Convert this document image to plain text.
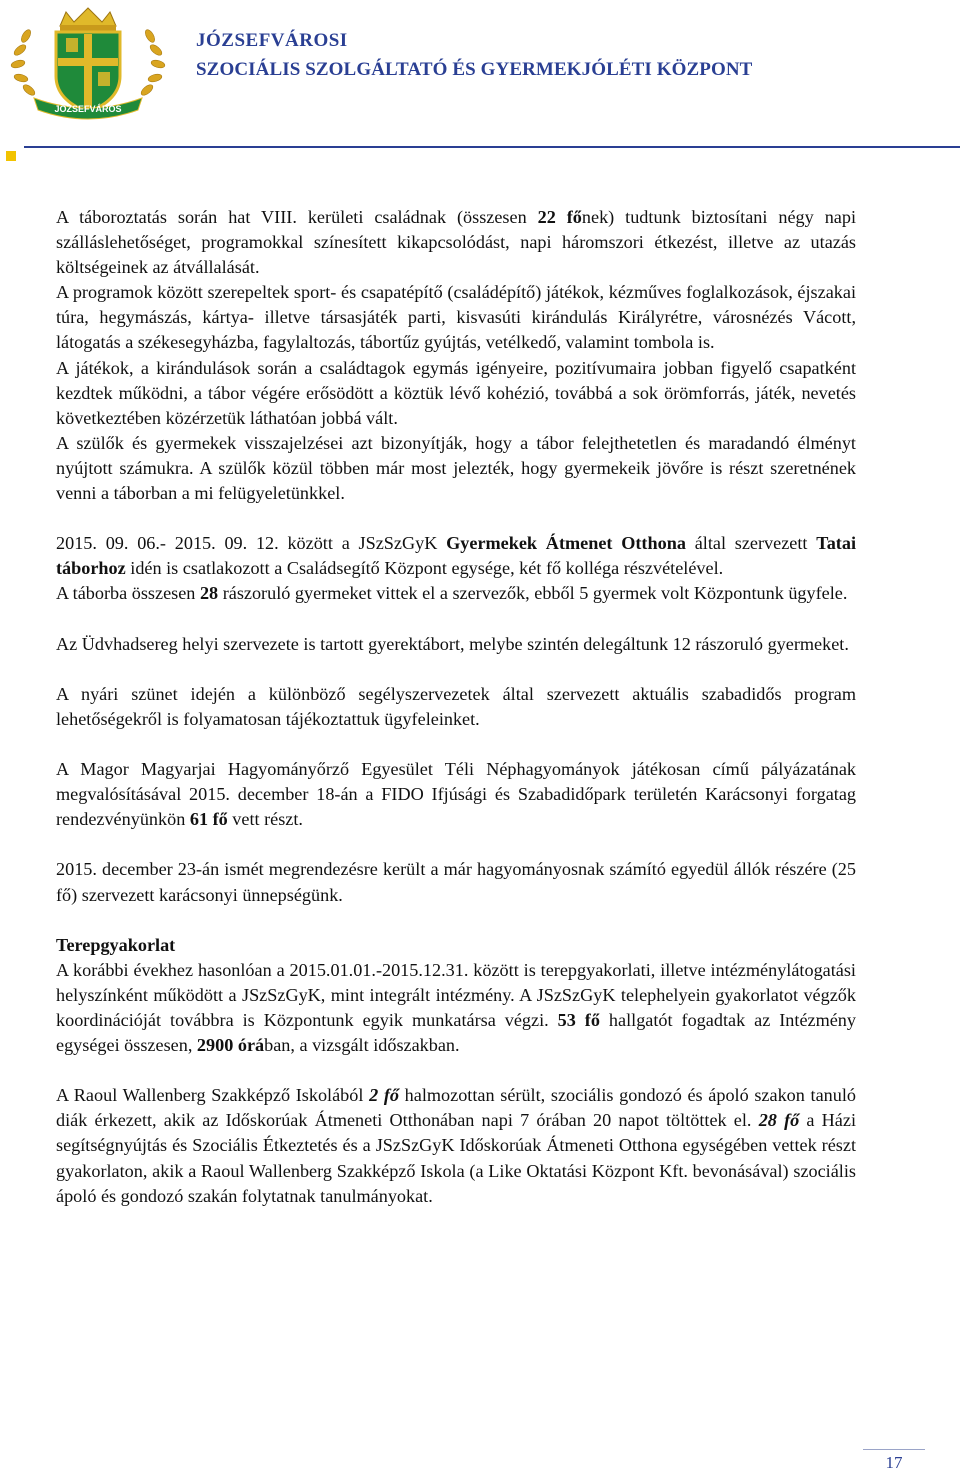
JÓZSEFVÁROS
JÓZSEFVÁROSI
SZOCIÁLIS SZOLGÁLTATÓ ÉS GYERMEKJÓLÉTI KÖZPONT

A táboroztatás során hat VIII. kerületi családnak (összesen 22 főnek) tudtunk biztosítani négy napi szálláslehetőséget, programokkal színesített kikapcsolódást, napi háromszori étkezést, illetve az utazás költségeinek az átvállalását.

A programok között szerepeltek sport- és csapatépítő (családépítő) játékok, kézműves foglalkozások, éjszakai túra, hegymászás, kártya- illetve társasjáték parti, kisvasúti kirándulás Királyrétre, városnézés Vácott, látogatás a székesegyházba, fagylaltozás, tábortűz gyújtás, vetélkedő, valamint tombola is.

A játékok, a kirándulások során a családtagok egymás igényeire, pozitívumaira jobban figyelő csapatként kezdtek működni, a tábor végére erősödött a köztük lévő kohézió, továbbá a sok örömforrás, játék, nevetés következtében közérzetük láthatóan jobbá vált.

A szülők és gyermekek visszajelzései azt bizonyítják, hogy a tábor felejthetetlen és maradandó élményt nyújtott számukra. A szülők közül többen már most jelezték, hogy gyermekeik jövőre is részt szeretnének venni a táborban a mi felügyeletünkkel.

2015. 09. 06.- 2015. 09. 12. között a JSzSzGyK Gyermekek Átmenet Otthona által szervezett Tatai táborhoz idén is csatlakozott a Családsegítő Központ egysége, két fő kolléga részvételével.

A táborba összesen 28 rászoruló gyermeket vittek el a szervezők, ebből 5 gyermek volt Központunk ügyfele.

Az Üdvhadsereg helyi szervezete is tartott gyerektábort, melybe szintén delegáltunk 12 rászoruló gyermeket.

A nyári szünet idején a különböző segélyszervezetek által szervezett aktuális szabadidős program lehetőségekről is folyamatosan tájékoztattuk ügyfeleinket.

A Magor Magyarjai Hagyományőrző Egyesület Téli Néphagyományok játékosan című pályázatának megvalósításával 2015. december 18-án a FIDO Ifjúsági és Szabadidőpark területén Karácsonyi forgatag rendezvényünkön 61 fő vett részt.

2015. december 23-án ismét megrendezésre került a már hagyományosnak számító egyedül állók részére (25 fő) szervezett karácsonyi ünnepségünk.

Terepgyakorlat

A korábbi évekhez hasonlóan a 2015.01.01.-2015.12.31. között is terepgyakorlati, illetve intézménylátogatási helyszínként működött a JSzSzGyK, mint integrált intézmény. A JSzSzGyK telephelyein gyakorlatot végzők koordinációját továbbra is Központunk egyik munkatársa végzi. 53 fő hallgatót fogadtak az Intézmény egységei összesen, 2900 órában, a vizsgált időszakban.

A Raoul Wallenberg Szakképző Iskolából 2 fő halmozottan sérült, szociális gondozó és ápoló szakon tanuló diák érkezett, akik az Időskorúak Átmeneti Otthonában napi 7 órában 20 napot töltöttek el. 28 fő a Házi segítségnyújtás és Szociális Étkeztetés és a JSzSzGyK Időskorúak Átmeneti Otthona egységében vettek részt gyakorlaton, akik a Raoul Wallenberg Szakképző Iskola (a Like Oktatási Központ Kft. bevonásával) szociális ápoló és gondozó szakán folytatnak tanulmányokat.

17
